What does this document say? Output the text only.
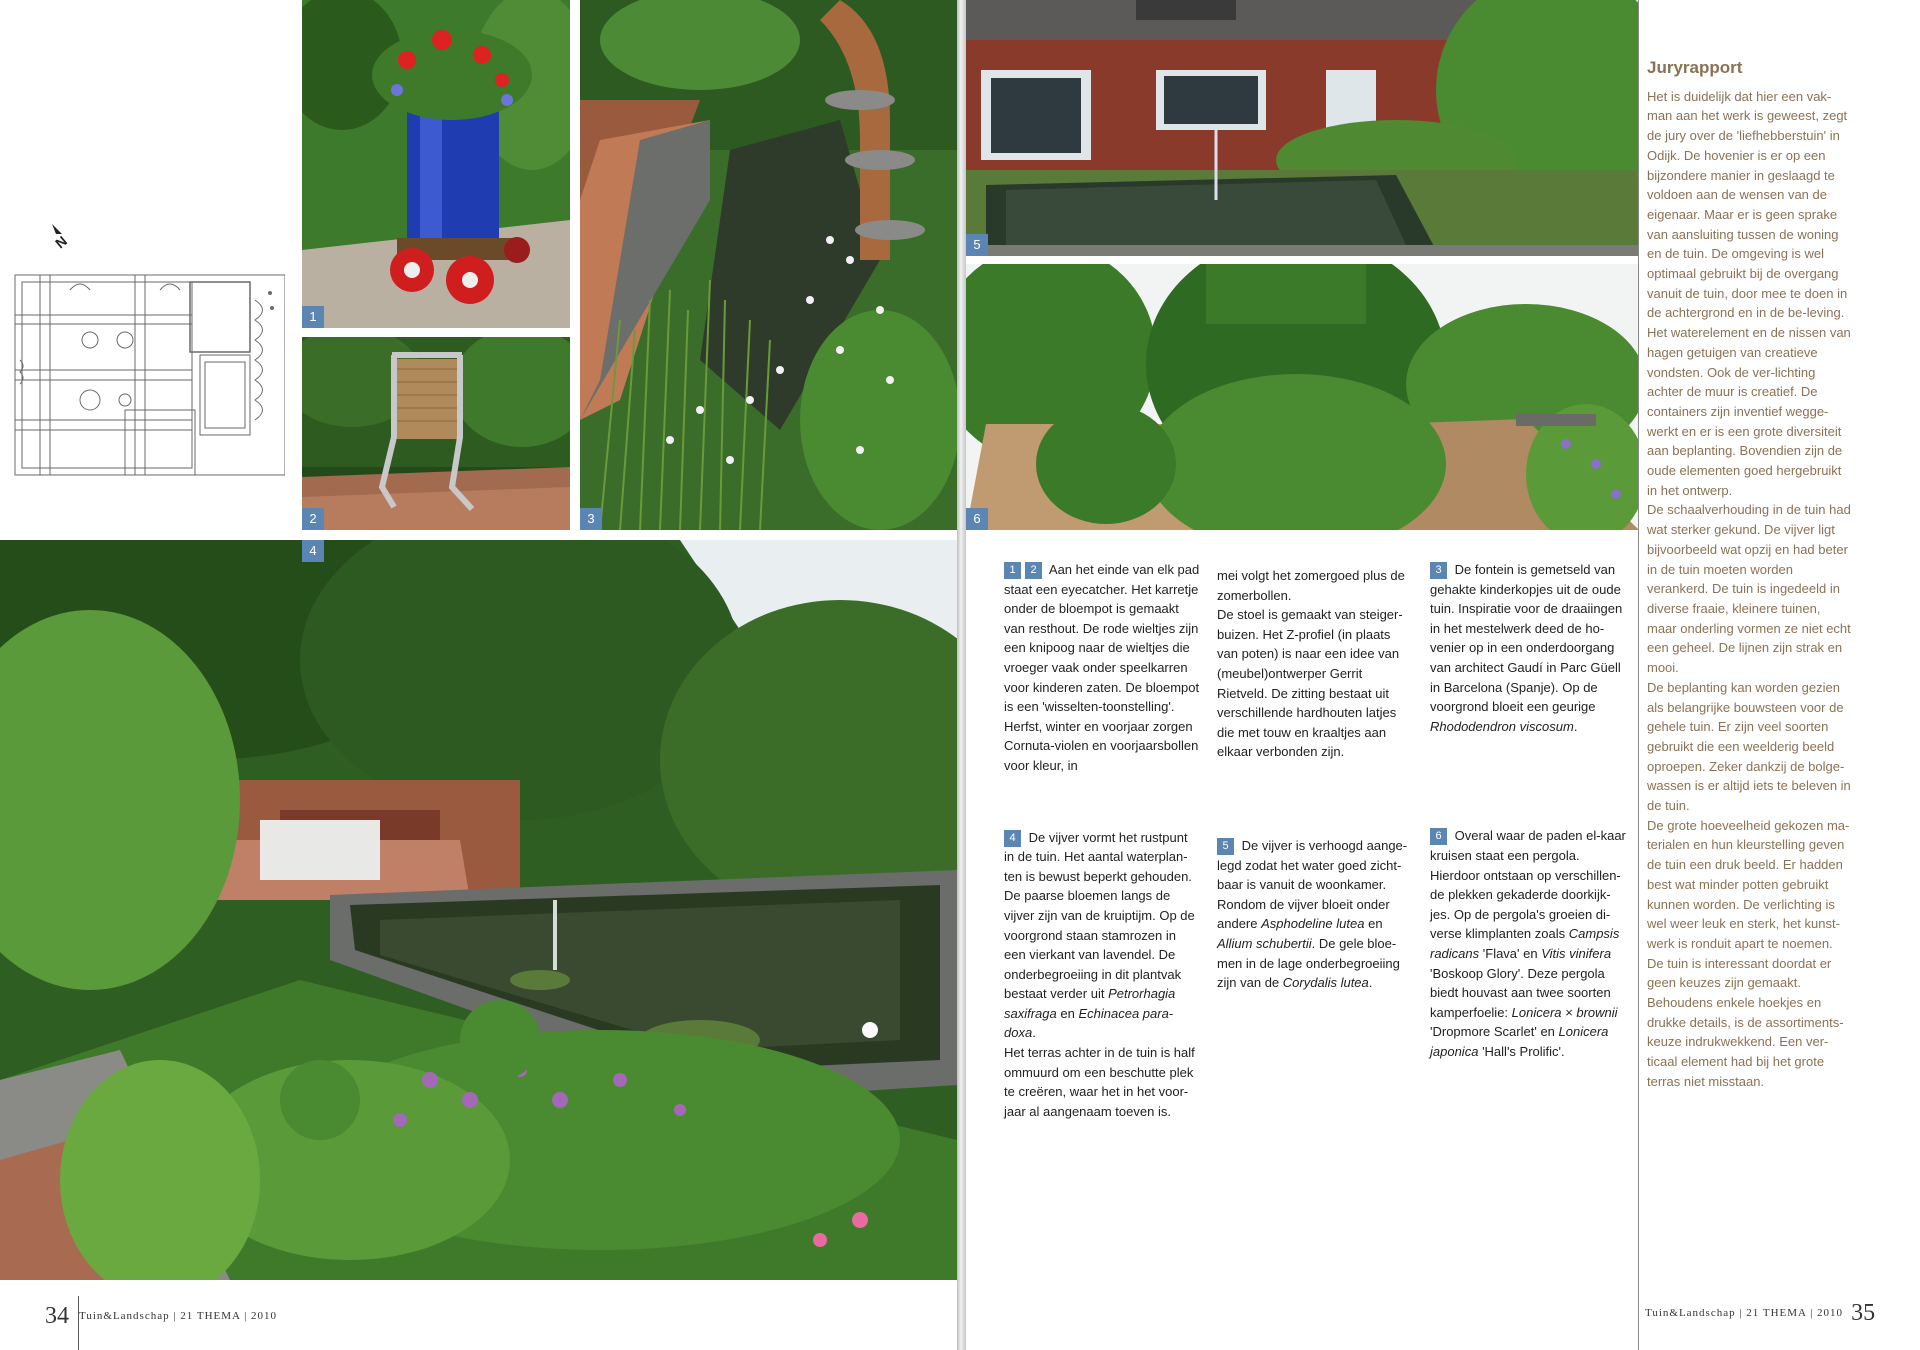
N
1
2	3
4
5
6

1 2 Aan het einde van elk pad staat een eyecatcher. Het karretje onder de bloempot is gemaakt van resthout. De rode wieltjes zijn een knipoog naar de wieltjes die vroeger vaak onder speelkarren voor kinderen zaten. De bloempot is een 'wisselten-toonstelling'. Herfst, winter en voorjaar zorgen Cornuta-violen en voorjaarsbollen voor kleur, in

4 De vijver vormt het rustpunt in de tuin. Het aantal waterplan-ten is bewust beperkt gehouden. De paarse bloemen langs de vijver zijn van de kruiptijm. Op de voorgrond staan stamrozen in een vierkant van lavendel. De onderbegroeiing in dit plantvak bestaat verder uit Petrorhagia saxifraga en Echinacea para-doxa.

Het terras achter in de tuin is half ommuurd om een beschutte plek te creëren, waar het in het voor-jaar al aangenaam toeven is.

mei volgt het zomergoed plus de zomerbollen.

De stoel is gemaakt van steiger-buizen. Het Z-profiel (in plaats van poten) is naar een idee van (meubel)ontwerper Gerrit Rietveld. De zitting bestaat uit verschillende hardhouten latjes die met touw en kraaltjes aan elkaar verbonden zijn.

5 De vijver is verhoogd aange-legd zodat het water goed zicht-baar is vanuit de woonkamer. Rondom de vijver bloeit onder andere Asphodeline lutea en Allium schubertii. De gele bloe-men in de lage onderbegroeiing zijn van de Corydalis lutea.

3 De fontein is gemetseld van gehakte kinderkopjes uit de oude tuin. Inspiratie voor de draaiingen in het mestelwerk deed de ho-venier op in een onderdoorgang van architect Gaudí in Parc Güell in Barcelona (Spanje). Op de voorgrond bloeit een geurige Rhododendron viscosum.

6 Overal waar de paden el-kaar kruisen staat een pergola. Hierdoor ontstaan op verschillen-de plekken gekaderde doorkijk-jes. Op de pergola's groeien di-verse klimplanten zoals Campsis radicans 'Flava' en Vitis vinifera 'Boskoop Glory'. Deze pergola biedt houvast aan twee soorten kamperfoelie: Lonicera × brownii 'Dropmore Scarlet' en Lonicera japonica 'Hall's Prolific'.

Juryrapport

Het is duidelijk dat hier een vak-man aan het werk is geweest, zegt de jury over de 'liefhebberstuin' in Odijk. De hovenier is er op een bijzondere manier in geslaagd te voldoen aan de wensen van de eigenaar. Maar er is geen sprake van aansluiting tussen de woning en de tuin. De omgeving is wel optimaal gebruikt bij de overgang vanuit de tuin, door mee te doen in de achtergrond en in de be-leving. Het waterelement en de nissen van hagen getuigen van creatieve vondsten. Ook de ver-lichting achter de muur is creatief. De containers zijn inventief wegge-werkt en er is een grote diversiteit aan beplanting. Bovendien zijn de oude elementen goed hergebruikt in het ontwerp.

De schaalverhouding in de tuin had wat sterker gekund. De vijver ligt bijvoorbeeld wat opzij en had beter in de tuin moeten worden verankerd. De tuin is ingedeeld in diverse fraaie, kleinere tuinen, maar onderling vormen ze niet echt een geheel. De lijnen zijn strak en mooi.

De beplanting kan worden gezien als belangrijke bouwsteen voor de gehele tuin. Er zijn veel soorten gebruikt die een weelderig beeld oproepen. Zeker dankzij de bolge-wassen is er altijd iets te beleven in de tuin.

De grote hoeveelheid gekozen ma-terialen en hun kleurstelling geven de tuin een druk beeld. Er hadden best wat minder potten gebruikt kunnen worden. De verlichting is wel weer leuk en sterk, het kunst-werk is ronduit apart te noemen. De tuin is interessant doordat er geen keuzes zijn gemaakt. Behoudens enkele hoekjes en drukke details, is de assortiments-keuze indrukwekkend. Een ver-ticaal element had bij het grote terras niet misstaan.

34 $^{Tuin\&Landschap | 21 THEMA | 2010}$	$^{Tuin\&Landschap | 21 THEMA | 2010}$ 35
